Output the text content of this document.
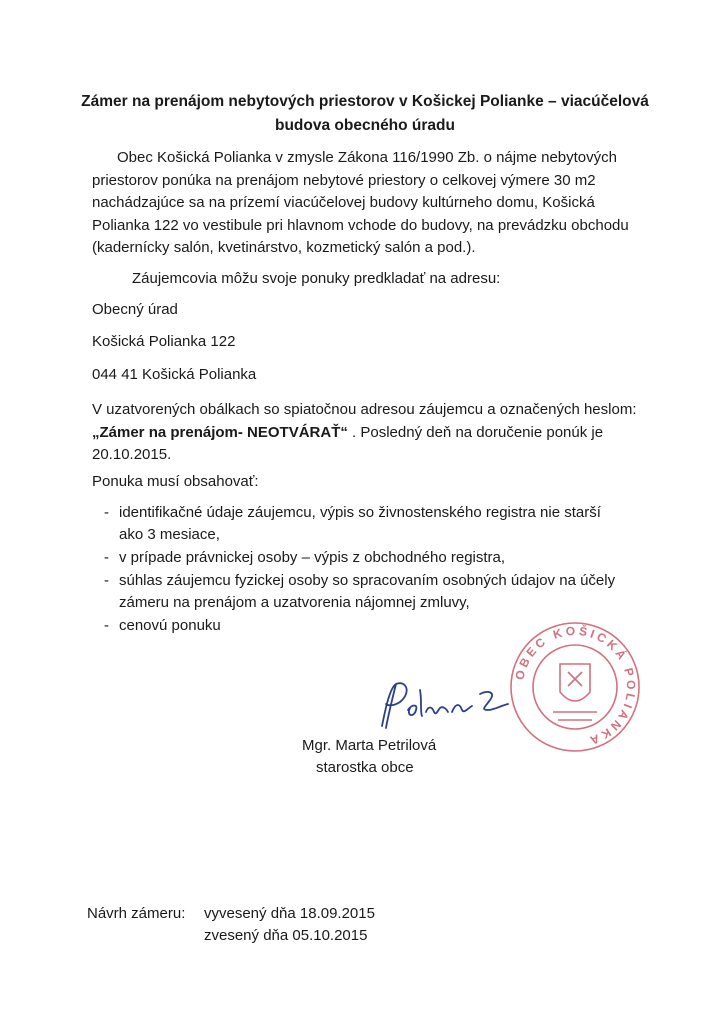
Zámer na prenájom nebytových priestorov v Košickej Polianke – viacúčelová
budova obecného úradu
Obec Košická Polianka v zmysle Zákona 116/1990 Zb. o nájme nebytových
priestorov ponúka na prenájom nebytové priestory o celkovej výmere 30 m2
nachádzajúce sa na prízemí viacúčelovej budovy kultúrneho domu, Košická
Polianka 122 vo vestibule pri hlavnom vchode do budovy, na prevádzku obchodu
(kadernícky salón, kvetinárstvo, kozmetický salón a pod.).
Záujemcovia môžu svoje ponuky predkladať na adresu:
Obecný úrad
Košická Polianka 122
044 41 Košická Polianka
V uzatvorených obálkach so spiatočnou adresou záujemcu a označených heslom:
„Zámer na prenájom- NEOTVÁRAŤ“ . Posledný deň na doručenie ponúk je
20.10.2015.
Ponuka musí obsahovať:
- identifikačné údaje záujemcu, výpis so živnostenského registra nie starší
ako 3 mesiace,
- v prípade právnickej osoby – výpis z obchodného registra,
- súhlas záujemcu fyzickej osoby so spracovaním osobných údajov na účely
zámeru na prenájom a uzatvorenia nájomnej zmluvy,
- cenovú ponuku
OBEC KOŠICKÁ POLIANKA
Mgr. Marta Petrilová
starostka obce
Návrh zámeru: vyvesený dňa 18.09.2015
zvesený dňa 05.10.2015
